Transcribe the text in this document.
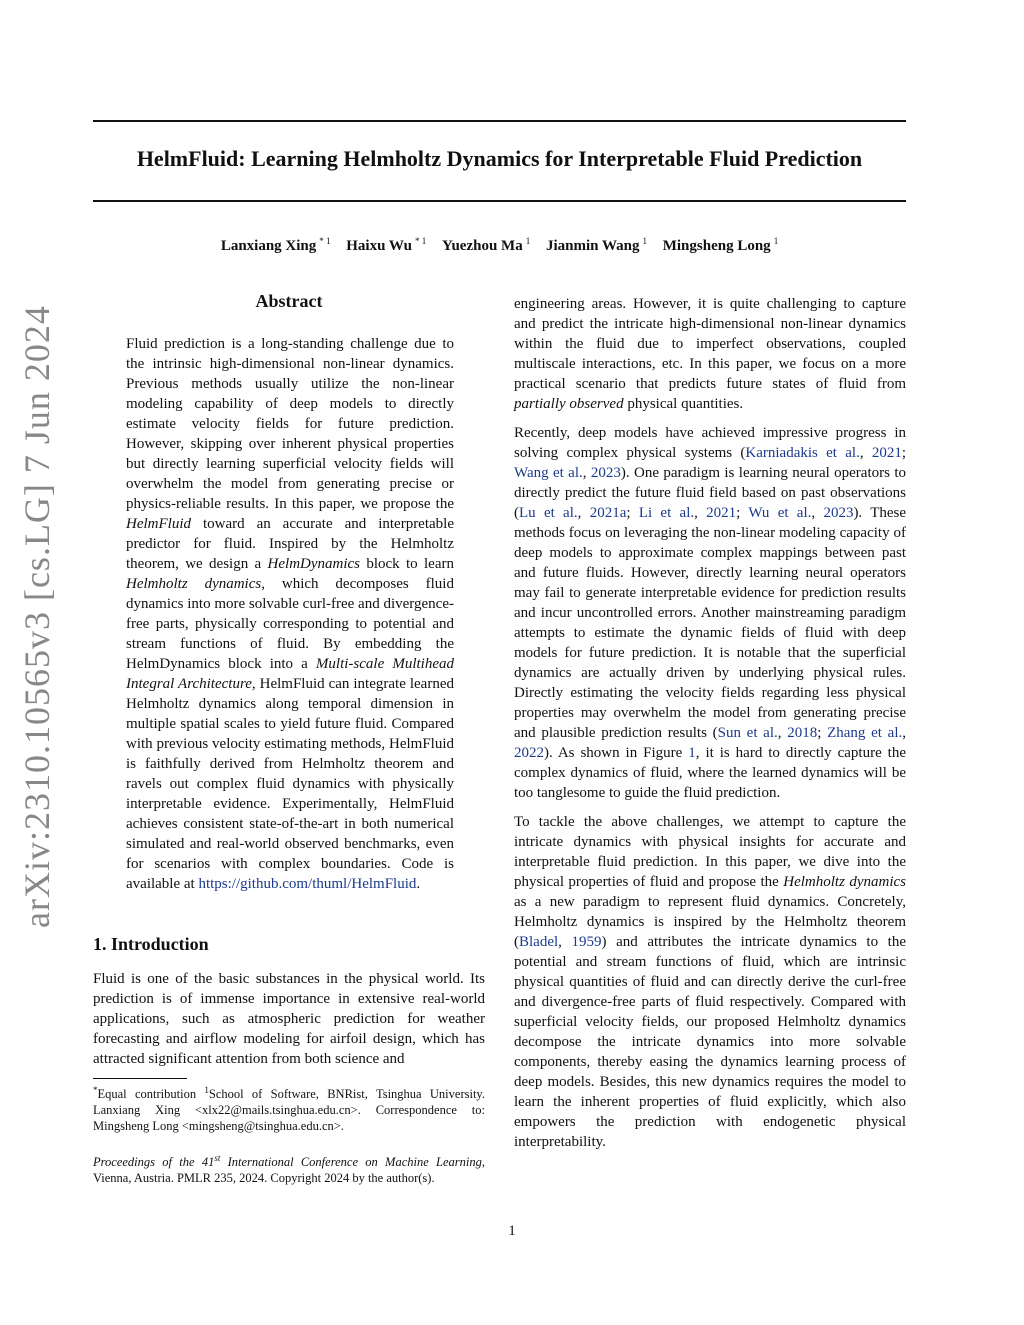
arXiv:2310.10565v3 [cs.LG] 7 Jun 2024
HelmFluid: Learning Helmholtz Dynamics for Interpretable Fluid Prediction
Lanxiang Xing $^{* 1}$ Haixu Wu $^{* 1}$ Yuezhou Ma $^1$ Jianmin Wang $^1$ Mingsheng Long $^1$
Abstract

Fluid prediction is a long-standing challenge due to the intrinsic high-dimensional non-linear dynamics. Previous methods usually utilize the non-linear modeling capability of deep models to directly estimate velocity fields for future prediction. However, skipping over inherent physical properties but directly learning superficial velocity fields will overwhelm the model from generating precise or physics-reliable results. In this paper, we propose the HelmFluid toward an accurate and interpretable predictor for fluid. Inspired by the Helmholtz theorem, we design a HelmDynamics block to learn Helmholtz dynamics, which decomposes fluid dynamics into more solvable curl-free and divergence-free parts, physically corresponding to potential and stream functions of fluid. By embedding the HelmDynamics block into a Multi-scale Multihead Integral Architecture, HelmFluid can integrate learned Helmholtz dynamics along temporal dimension in multiple spatial scales to yield future fluid. Compared with previous velocity estimating methods, HelmFluid is faithfully derived from Helmholtz theorem and ravels out complex fluid dynamics with physically interpretable evidence. Experimentally, HelmFluid achieves consistent state-of-the-art in both numerical simulated and real-world observed benchmarks, even for scenarios with complex boundaries. Code is available at https://github.com/thuml/HelmFluid.

1. Introduction

Fluid is one of the basic substances in the physical world. Its prediction is of immense importance in extensive real-world applications, such as atmospheric prediction for weather forecasting and airflow modeling for airfoil design, which has attracted significant attention from both science and

*Equal contribution $^1$School of Software, BNRist, Tsinghua University. Lanxiang Xing <xlx22@mails.tsinghua.edu.cn>. Correspondence to: Mingsheng Long <mingsheng@tsinghua.edu.cn>.

Proceedings of the 41st International Conference on Machine Learning, Vienna, Austria. PMLR 235, 2024. Copyright 2024 by the author(s).

engineering areas. However, it is quite challenging to capture and predict the intricate high-dimensional non-linear dynamics within the fluid due to imperfect observations, coupled multiscale interactions, etc. In this paper, we focus on a more practical scenario that predicts future states of fluid from partially observed physical quantities.

Recently, deep models have achieved impressive progress in solving complex physical systems (Karniadakis et al., 2021; Wang et al., 2023). One paradigm is learning neural operators to directly predict the future fluid field based on past observations (Lu et al., 2021a; Li et al., 2021; Wu et al., 2023). These methods focus on leveraging the non-linear modeling capacity of deep models to approximate complex mappings between past and future fluids. However, directly learning neural operators may fail to generate interpretable evidence for prediction results and incur uncontrolled errors. Another mainstreaming paradigm attempts to estimate the dynamic fields of fluid with deep models for future prediction. It is notable that the superficial dynamics are actually driven by underlying physical rules. Directly estimating the velocity fields regarding less physical properties may overwhelm the model from generating precise and plausible prediction results (Sun et al., 2018; Zhang et al., 2022). As shown in Figure 1, it is hard to directly capture the complex dynamics of fluid, where the learned dynamics will be too tanglesome to guide the fluid prediction.

To tackle the above challenges, we attempt to capture the intricate dynamics with physical insights for accurate and interpretable fluid prediction. In this paper, we dive into the physical properties of fluid and propose the Helmholtz dynamics as a new paradigm to represent fluid dynamics. Concretely, Helmholtz dynamics is inspired by the Helmholtz theorem (Bladel, 1959) and attributes the intricate dynamics to the potential and stream functions of fluid, which are intrinsic physical quantities of fluid and can directly derive the curl-free and divergence-free parts of fluid respectively. Compared with superficial velocity fields, our proposed Helmholtz dynamics decompose the intricate dynamics into more solvable components, thereby easing the dynamics learning process of deep models. Besides, this new dynamics requires the model to learn the inherent properties of fluid explicitly, which also empowers the prediction with endogenetic physical interpretability.

1
